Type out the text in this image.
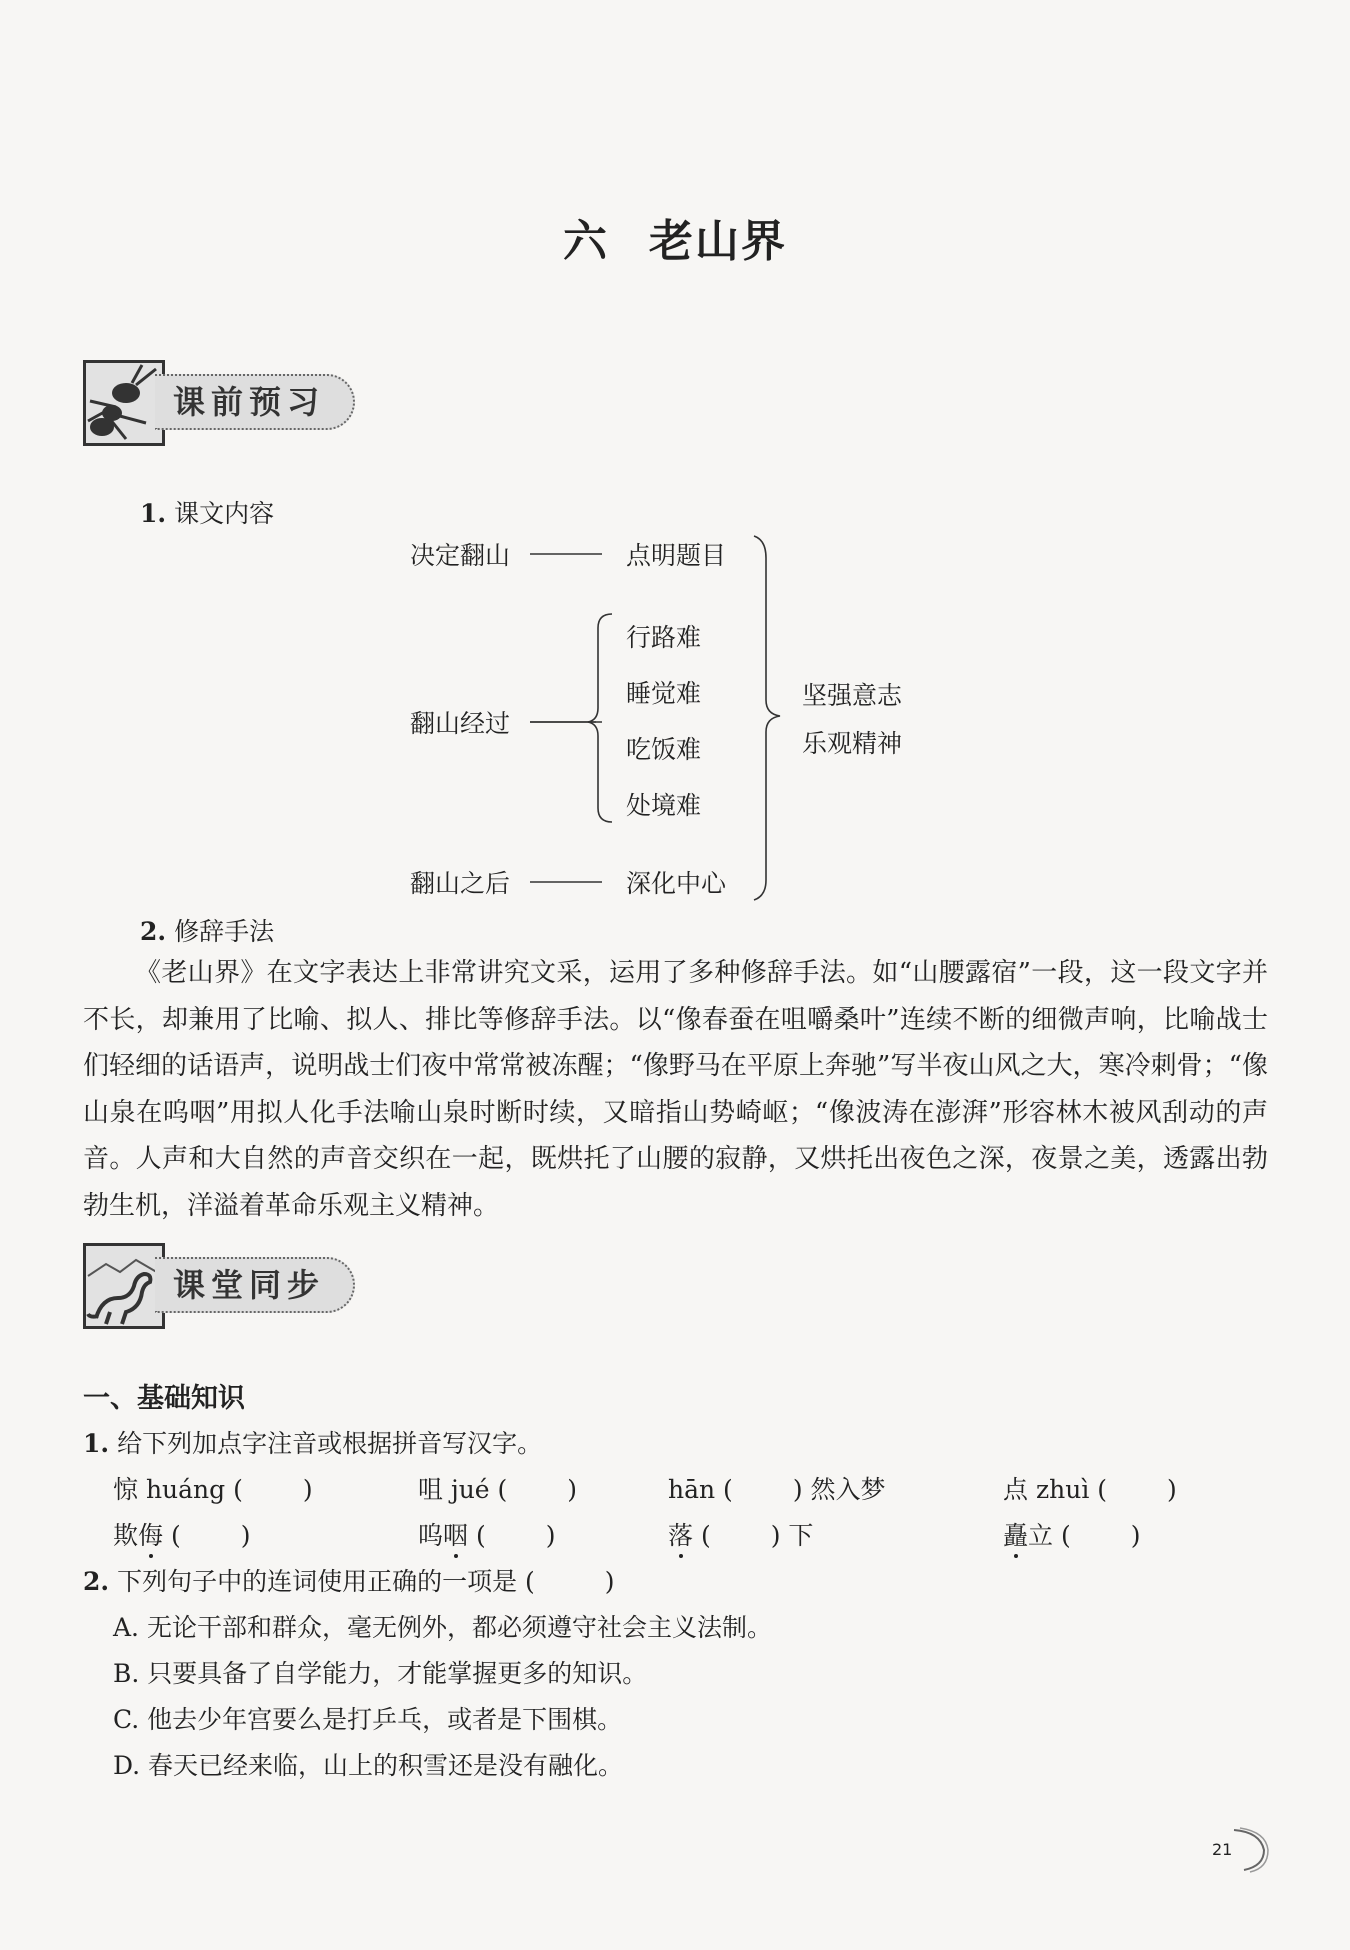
六 老山界
课前预习
1. 课文内容
决定翻山	点明题目
翻山经过
行路难
睡觉难
吃饭难
处境难
翻山之后	深化中心
坚强意志
乐观精神
2. 修辞手法
《老山界》在文字表达上非常讲究文采，运用了多种修辞手法。如“山腰露宿”一段，这一段文字并不长，却兼用了比喻、拟人、排比等修辞手法。以“像春蚕在咀嚼桑叶”连续不断的细微声响，比喻战士们轻细的话语声，说明战士们夜中常常被冻醒；“像野马在平原上奔驰”写半夜山风之大，寒冷刺骨；“像山泉在呜咽”用拟人化手法喻山泉时断时续，又暗指山势崎岖；“像波涛在澎湃”形容林木被风刮动的声音。人声和大自然的声音交织在一起，既烘托了山腰的寂静，又烘托出夜色之深，夜景之美，透露出勃勃生机，洋溢着革命乐观主义精神。
课堂同步
一、基础知识
1. 给下列加点字注音或根据拼音写汉字。
惊 huáng ( )	咀 jué ( )	hān ( ) 然入梦	点 zhuì ( )
欺侮 ( )	呜咽 ( )	落 ( ) 下	矗立 ( )
2. 下列句子中的连词使用正确的一项是 (	)
A. 无论干部和群众，毫无例外，都必须遵守社会主义法制。
B. 只要具备了自学能力，才能掌握更多的知识。
C. 他去少年宫要么是打乒乓，或者是下围棋。
D. 春天已经来临，山上的积雪还是没有融化。
21
